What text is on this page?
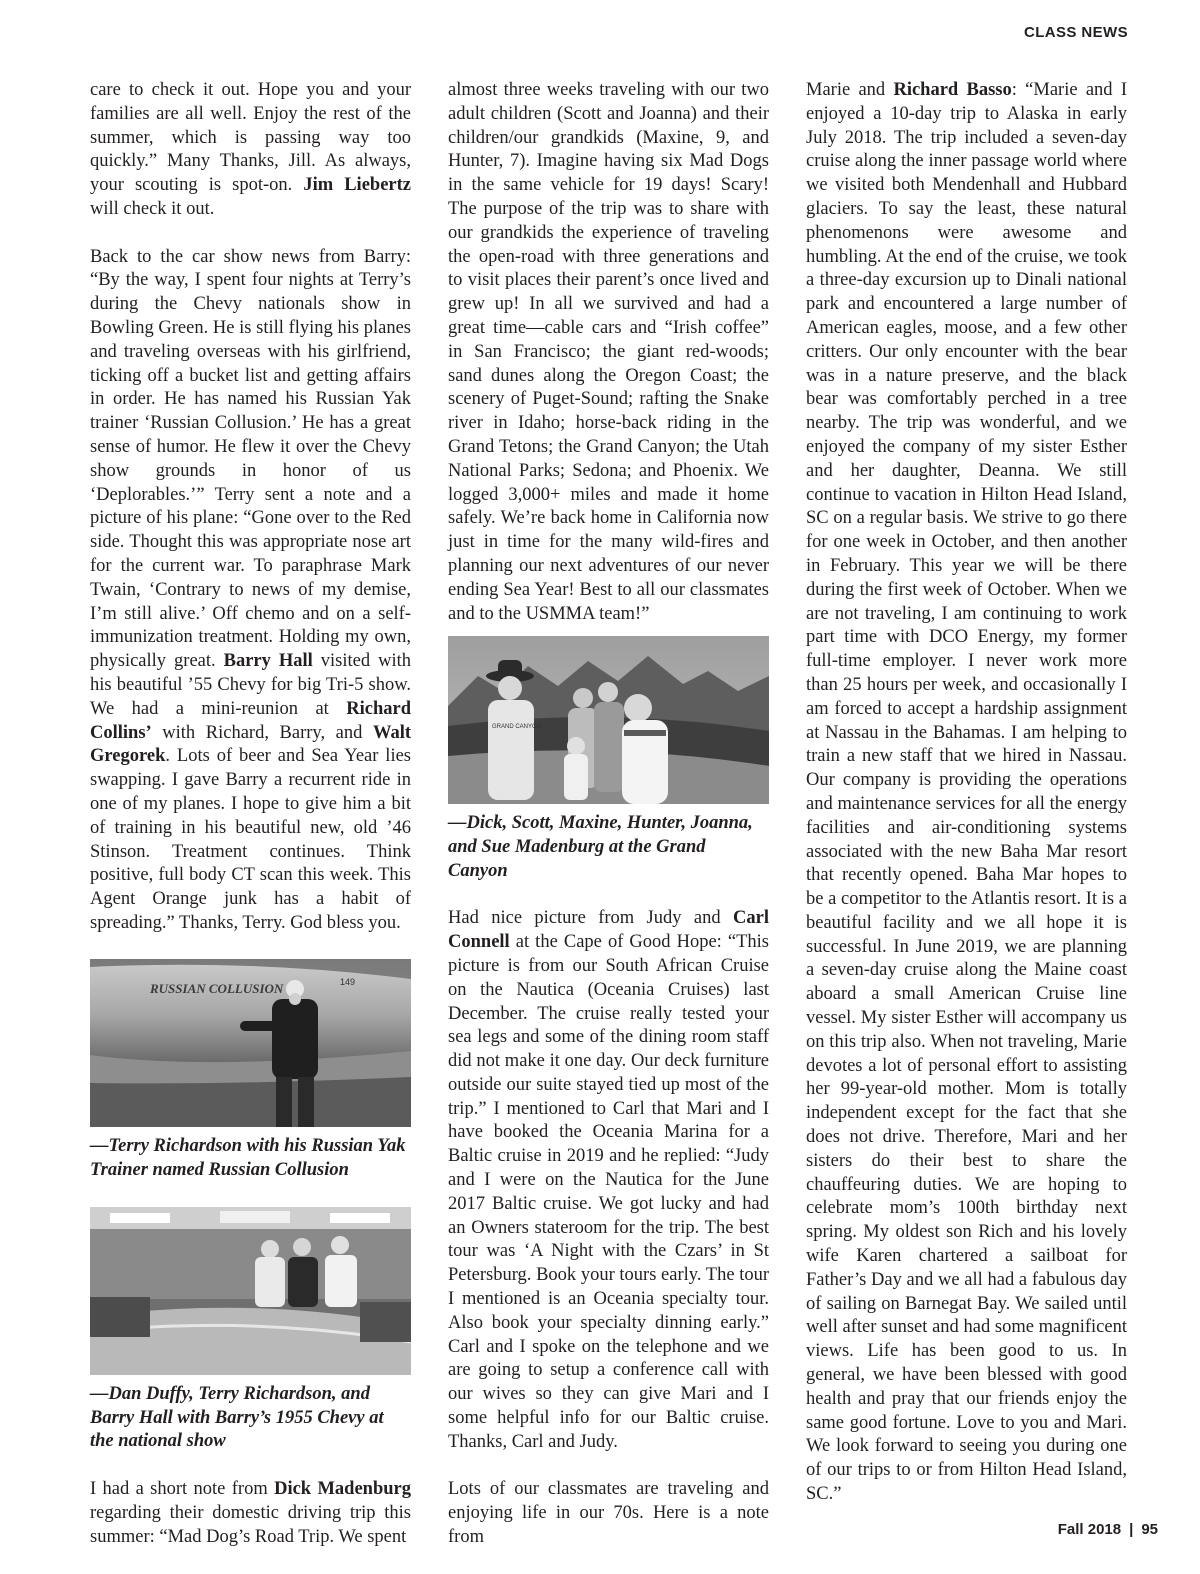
CLASS NEWS

care to check it out. Hope you and your families are all well. Enjoy the rest of the summer, which is passing way too quickly.” Many Thanks, Jill. As always, your scouting is spot-on. Jim Liebertz will check it out.

Back to the car show news from Barry: “By the way, I spent four nights at Terry’s during the Chevy nationals show in Bowling Green. He is still flying his planes and traveling overseas with his girlfriend, ticking off a bucket list and getting affairs in order. He has named his Russian Yak trainer ‘Russian Collusion.’ He has a great sense of humor. He flew it over the Chevy show grounds in honor of us ‘Deplorables.’” Terry sent a note and a picture of his plane: “Gone over to the Red side. Thought this was appropriate nose art for the current war. To paraphrase Mark Twain, ‘Contrary to news of my demise, I’m still alive.’ Off chemo and on a self-immunization treatment. Holding my own, physically great. Barry Hall visited with his beautiful ’55 Chevy for big Tri-5 show. We had a mini-reunion at Richard Collins’ with Richard, Barry, and Walt Gregorek. Lots of beer and Sea Year lies swapping. I gave Barry a recurrent ride in one of my planes. I hope to give him a bit of training in his beautiful new, old ’46 Stinson. Treatment continues. Think positive, full body CT scan this week. This Agent Orange junk has a habit of spreading.” Thanks, Terry. God bless you.

RUSSIAN COLLUSION	149

—Terry Richardson with his Russian Yak Trainer named Russian Collusion

—Dan Duffy, Terry Richardson, and Barry Hall with Barry’s 1955 Chevy at the national show

I had a short note from Dick Madenburg regarding their domestic driving trip this summer: “Mad Dog’s Road Trip. We spent

almost three weeks traveling with our two adult children (Scott and Joanna) and their children/our grandkids (Maxine, 9, and Hunter, 7). Imagine having six Mad Dogs in the same vehicle for 19 days! Scary! The purpose of the trip was to share with our grandkids the experience of traveling the open-road with three generations and to visit places their parent’s once lived and grew up! In all we survived and had a great time—cable cars and “Irish coffee” in San Francisco; the giant red-woods; sand dunes along the Oregon Coast; the scenery of Puget-Sound; rafting the Snake river in Idaho; horse-back riding in the Grand Tetons; the Grand Canyon; the Utah National Parks; Sedona; and Phoenix. We logged 3,000+ miles and made it home safely. We’re back home in California now just in time for the many wild-fires and planning our next adventures of our never ending Sea Year! Best to all our classmates and to the USMMA team!”

GRAND CANYON

—Dick, Scott, Maxine, Hunter, Joanna, and Sue Madenburg at the Grand Canyon

Had nice picture from Judy and Carl Connell at the Cape of Good Hope: “This picture is from our South African Cruise on the Nautica (Oceania Cruises) last December. The cruise really tested your sea legs and some of the dining room staff did not make it one day. Our deck furniture outside our suite stayed tied up most of the trip.” I mentioned to Carl that Mari and I have booked the Oceania Marina for a Baltic cruise in 2019 and he replied: “Judy and I were on the Nautica for the June 2017 Baltic cruise. We got lucky and had an Owners stateroom for the trip. The best tour was ‘A Night with the Czars’ in St Petersburg. Book your tours early. The tour I mentioned is an Oceania specialty tour. Also book your specialty dinning early.” Carl and I spoke on the telephone and we are going to setup a conference call with our wives so they can give Mari and I some helpful info for our Baltic cruise. Thanks, Carl and Judy.

Lots of our classmates are traveling and enjoying life in our 70s. Here is a note from

Marie and Richard Basso: “Marie and I enjoyed a 10-day trip to Alaska in early July 2018. The trip included a seven-day cruise along the inner passage world where we visited both Mendenhall and Hubbard glaciers. To say the least, these natural phenomenons were awesome and humbling. At the end of the cruise, we took a three-day excursion up to Dinali national park and encountered a large number of American eagles, moose, and a few other critters. Our only encounter with the bear was in a nature preserve, and the black bear was comfortably perched in a tree nearby. The trip was wonderful, and we enjoyed the company of my sister Esther and her daughter, Deanna. We still continue to vacation in Hilton Head Island, SC on a regular basis. We strive to go there for one week in October, and then another in February. This year we will be there during the first week of October. When we are not traveling, I am continuing to work part time with DCO Energy, my former full-time employer. I never work more than 25 hours per week, and occasionally I am forced to accept a hardship assignment at Nassau in the Bahamas. I am helping to train a new staff that we hired in Nassau. Our company is providing the operations and maintenance services for all the energy facilities and air-conditioning systems associated with the new Baha Mar resort that recently opened. Baha Mar hopes to be a competitor to the Atlantis resort. It is a beautiful facility and we all hope it is successful. In June 2019, we are planning a seven-day cruise along the Maine coast aboard a small American Cruise line vessel. My sister Esther will accompany us on this trip also. When not traveling, Marie devotes a lot of personal effort to assisting her 99-year-old mother. Mom is totally independent except for the fact that she does not drive. Therefore, Mari and her sisters do their best to share the chauffeuring duties. We are hoping to celebrate mom’s 100th birthday next spring. My oldest son Rich and his lovely wife Karen chartered a sailboat for Father’s Day and we all had a fabulous day of sailing on Barnegat Bay. We sailed until well after sunset and had some magnificent views. Life has been good to us. In general, we have been blessed with good health and pray that our friends enjoy the same good fortune. Love to you and Mari. We look forward to seeing you during one of our trips to or from Hilton Head Island, SC.”

Fall 2018 | 95
